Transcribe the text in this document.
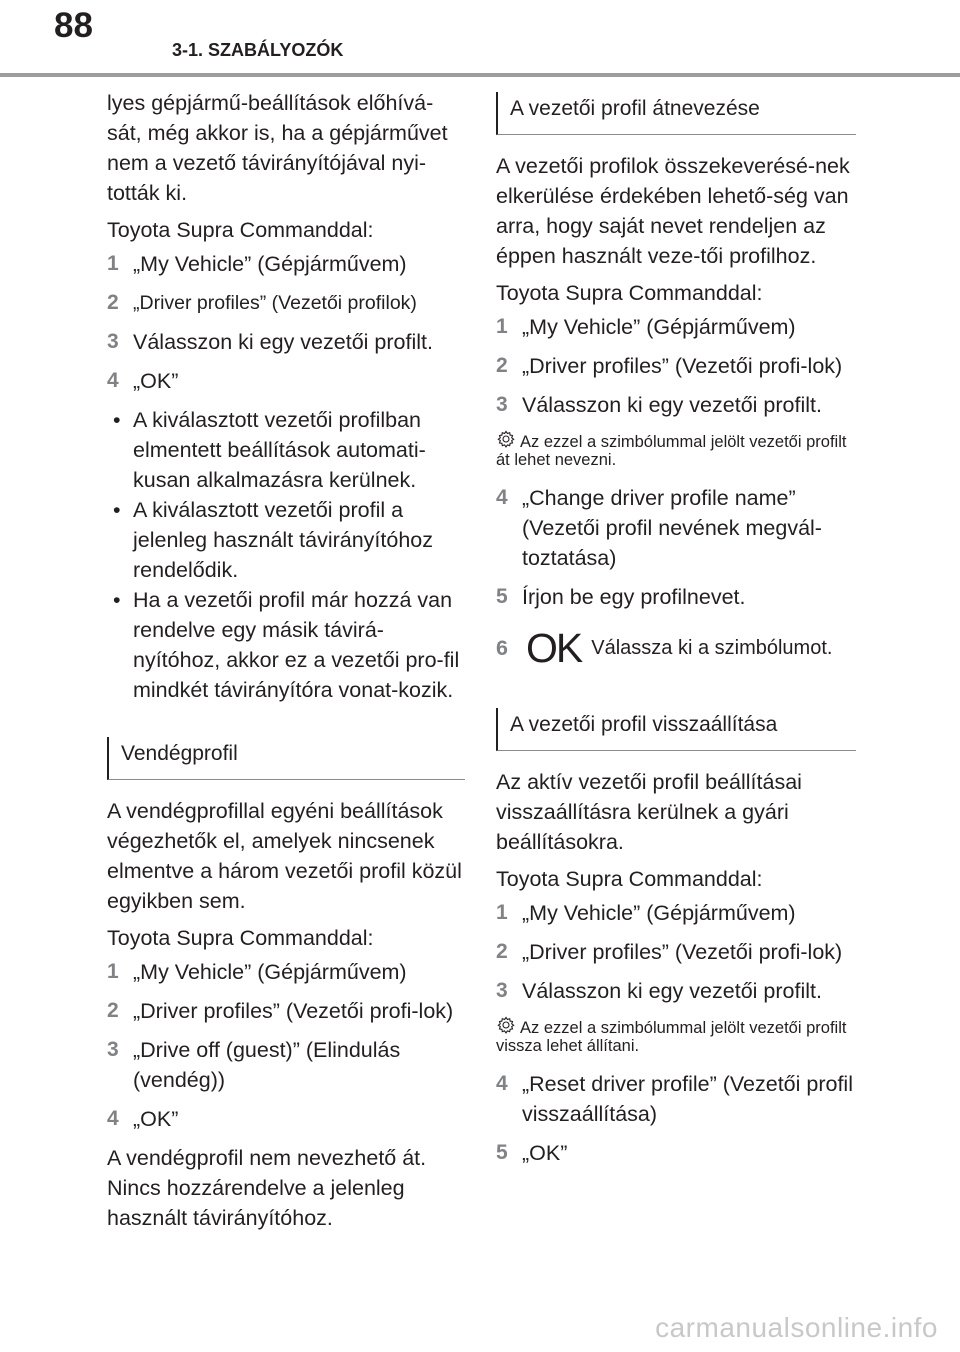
88
3-1. SZABÁLYOZÓK

lyes gépjármű-beállítások előhívá-sát, még akkor is, ha a gépjárművet nem a vezető távirányítójával nyi-tották ki.

Toyota Supra Commanddal:

1 „My Vehicle” (Gépjárművem)
2 „Driver profiles” (Vezetői profilok)
3 Válasszon ki egy vezetői profilt.
4 „OK”
• A kiválasztott vezetői profilban elmentett beállítások automati-kusan alkalmazásra kerülnek.
• A kiválasztott vezetői profil a jelenleg használt távirányítóhoz rendelődik.
• Ha a vezetői profil már hozzá van rendelve egy másik távirá-nyítóhoz, akkor ez a vezetői pro-fil mindkét távirányítóra vonat-kozik.
Vendégprofil

A vendégprofillal egyéni beállítások végezhetők el, amelyek nincsenek elmentve a három vezetői profil közül egyikben sem.

Toyota Supra Commanddal:

1 „My Vehicle” (Gépjárművem)
2 „Driver profiles” (Vezetői profi-lok)
3 „Drive off (guest)” (Elindulás (vendég))
4 „OK”

A vendégprofil nem nevezhető át. Nincs hozzárendelve a jelenleg használt távirányítóhoz.

A vezetői profil átnevezése

A vezetői profilok összekeverésé-nek elkerülése érdekében lehető-ség van arra, hogy saját nevet rendeljen az éppen használt veze-tői profilhoz.

Toyota Supra Commanddal:

1 „My Vehicle” (Gépjárművem)
2 „Driver profiles” (Vezetői profi-lok)
3 Válasszon ki egy vezetői profilt.
Az ezzel a szimbólummal jelölt vezetői profilt át lehet nevezni.
4 „Change driver profile name” (Vezetői profil nevének megvál-toztatása)
5 Írjon be egy profilnevet.
6 OK Válassza ki a szimbólumot.
A vezetői profil visszaállítása

Az aktív vezetői profil beállításai visszaállításra kerülnek a gyári beállításokra.

Toyota Supra Commanddal:

1 „My Vehicle” (Gépjárművem)
2 „Driver profiles” (Vezetői profi-lok)
3 Válasszon ki egy vezetői profilt.
Az ezzel a szimbólummal jelölt vezetői profilt vissza lehet állítani.
4 „Reset driver profile” (Vezetői profil visszaállítása)
5 „OK”
carmanualsonline.info
